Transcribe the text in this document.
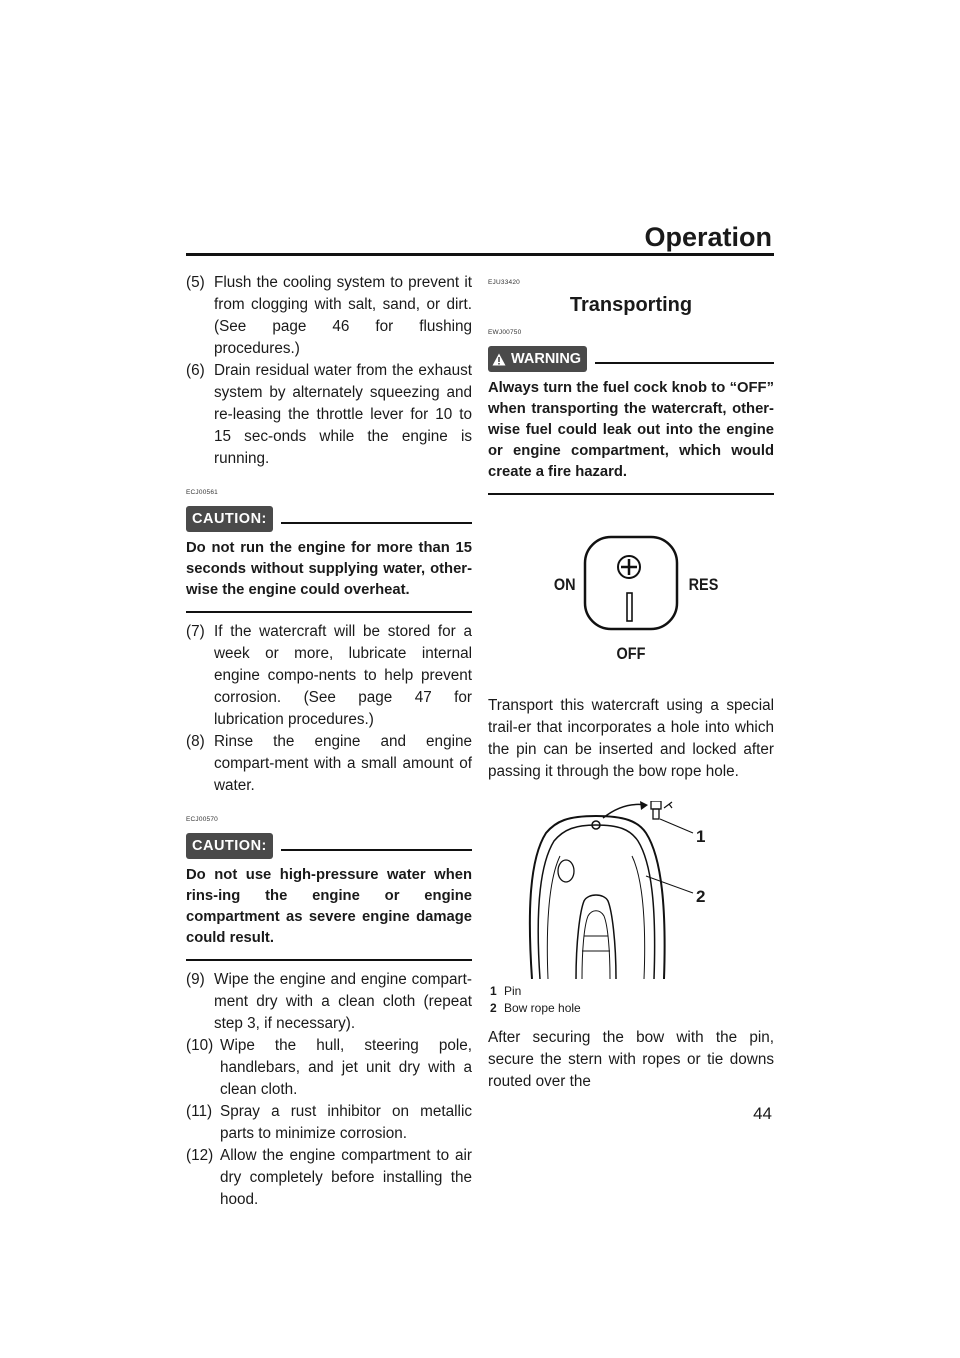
Operation
(5) Flush the cooling system to prevent it from clogging with salt, sand, or dirt. (See page 46 for flushing procedures.)
(6) Drain residual water from the exhaust system by alternately squeezing and re-leasing the throttle lever for 10 to 15 sec-onds while the engine is running.
ECJ00561
CAUTION:
Do not run the engine for more than 15 seconds without supplying water, other-wise the engine could overheat.
(7) If the watercraft will be stored for a week or more, lubricate internal engine compo-nents to help prevent corrosion. (See page 47 for lubrication procedures.)
(8) Rinse the engine and engine compart-ment with a small amount of water.
ECJ00570
CAUTION:
Do not use high-pressure water when rins-ing the engine or engine compartment as severe engine damage could result.
(9) Wipe the engine and engine compart-ment dry with a clean cloth (repeat step 3, if necessary).
(10) Wipe the hull, steering pole, handlebars, and jet unit dry with a clean cloth.
(11) Spray a rust inhibitor on metallic parts to minimize corrosion.
(12) Allow the engine compartment to air dry completely before installing the hood.
EJU33420
Transporting
EWJ00750
WARNING
Always turn the fuel cock knob to “OFF” when transporting the watercraft, other-wise fuel could leak out into the engine or engine compartment, which would create a fire hazard.
ON	RES
OFF
Transport this watercraft using a special trail-er that incorporates a hole into which the pin can be inserted and locked after passing it through the bow rope hole.
1
2
1 Pin
2 Bow rope hole
After securing the bow with the pin, secure the stern with ropes or tie downs routed over the
44
